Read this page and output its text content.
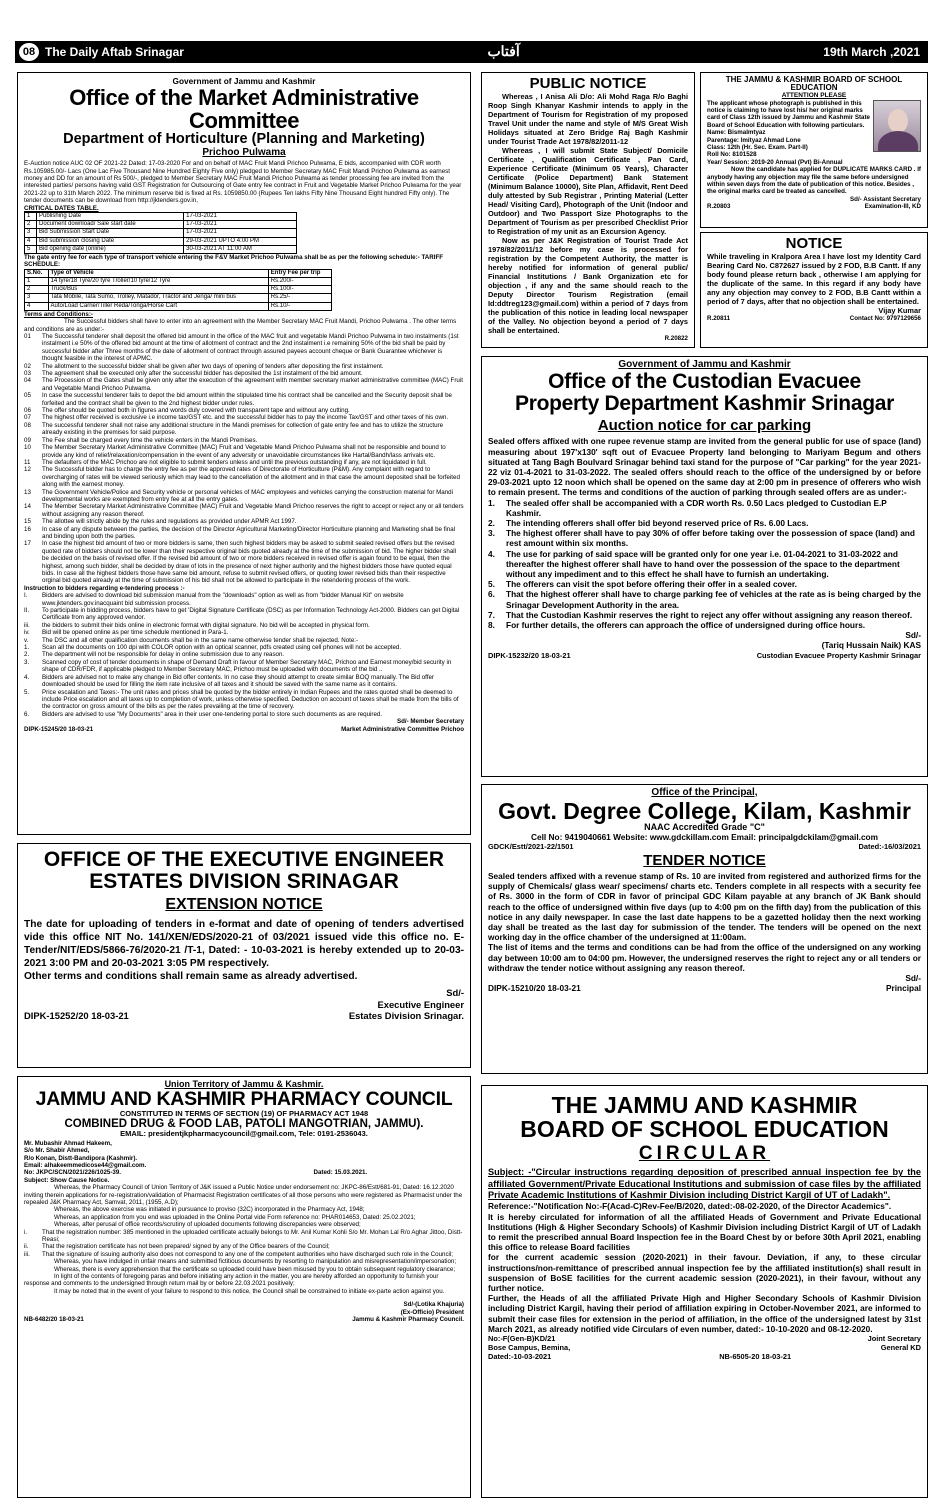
08 The Daily Aftab Srinagar	آفتاب	19th March ,2021
Government of Jammu and Kashmir
Office of the Market Administrative Committee
Department of Horticulture (Planning and Marketing)
Prichoo Pulwama
E-Auction notice AUC 02 OF 2021-22 Dated: 17-03-2020 For and on behalf of MAC Fruit Mandi Prichoo Pulwama, E bids, accompanied with CDR worth Rs.105985.00/- Lacs (One Lac Five Thousand Nine Hundred Eighty Five only) pledged to Member Secretary MAC Fruit Mandi Prichoo Pulwama as earnest money and DD for an amount of Rs 500/-, pledged to Member Secretary MAC Fruit Mandi Prichoo Pulwama as tender processing fee are invited from the interested parties/ persons having valid GST Registration for Outsourcing of Gate entry fee contract in Fruit and Vegetable Market Prichoo Pulwama for the year 2021-22 up to 31th March 2022. The minimum reserve bid is fixed at Rs. 1059850.00 (Rupees Ten lakhs Fifty Nine Thousand Eight hundred Fifty only). The tender documents can be download from http://jktenders.gov.in,
CRITICAL DATES TABLE.
1	Publishing Date	17-03-2021
2	Document download/ Sale start date	17-03-2021
3	Bid Submission Start Date	17-03-2021
4	Bid submission closing Date	29-03-2021 UPTO 4:00 PM
5	Bid opening date (online)	30-03-2021 AT 11:00 AM
The gate entry fee for each type of transport vehicle entering the F&V Market Prichoo Pulwama shall be as per the following schedule:- TARIFF SCHEDULE:
S.No.	Type of Vehicle	Entry Fee per trip
1	14 tyre/18 Tyre/20 tyre Troller/10 tyre/12 Tyre	Rs.200/-
2	Truck/Bus	Rs.100/-
3	Tata Mobile, Tata Sumo, Trolley, Matador, Tractor and Jenga/ mini bus	Rs.25/-
4	Auto/Load Carrier/Tiller Reda/Tonga/Horse Cart	Rs.10/-
Terms and Conditions:-
The Successful bidders shall have to enter into an agreement with the Member Secretary MAC Fruit Mandi, Prichoo Pulwama . The other terms and conditions are as under:-
01	The Successful tenderer shall deposit the offered bid amount in the office of the MAC fruit and vegetable Mandi Prichoo Pulwama in two instalments (1st instalment i.e 50% of the offered bid amount at the time of allotment of contract and the 2nd instalment i.e remaining 50% of the bid shall be paid by successful bidder after Three months of the date of allotment of contract through assured payees account cheque or Bank Guarantee whichever is thought feasible in the interest of APMC.
02	The allotment to the successful bidder shall be given after two days of opening of tenders after depositing the first instalment.
03	The agreement shall be executed only after the successful bidder has deposited the 1st instalment of the bid amount.
04	The Procession of the Gates shall be given only after the execution of the agreement with member secretary market administrative committee (MAC) Fruit and Vegetable Mandi Prichoo Pulwama.
05	In case the successful tenderer fails to depot the bid amount within the stipulated time his contract shall be cancelled and the Security deposit shall be forfeited and the contract shall be given to the 2nd highest bidder under rules.
06	The offer should be quoted both in figures and words duly covered with transparent tape and without any cutting.
07	The highest offer received is exclusive i.e income tax/GST etc. and the successful bidder has to pay the income Tax/GST and other taxes of his own.
08	The successful tenderer shall not raise any additional structure in the Mandi premises for collection of gate entry fee and has to utilize the structure already existing in the premises for said purpose.
09	The Fee shall be charged every time the vehicle enters in the Mandi Premises.
10	The Member Secretary Market Administrative Committee (MAC) Fruit and Vegetable Mandi Prichoo Pulwama shall not be responsible and bound to provide any kind of relief/relaxation/compensation in the event of any adversity or unavoidable circumstances like Hartal/Bandh/lass arrivals etc.
11	The defaulters of the MAC Prichoo are not eligible to submit tenders unless and until the previous outstanding if any, are not liquidated in full.
12	The Successful bidder has to charge the entry fee as per the approved rates of Directorate of Horticulture (P&M). Any complaint with regard to overcharging of rates will be viewed seriously which may lead to the cancellation of the allotment and in that case the amount deposited shall be forfeited along with the earnest money.
13	The Government Vehicle/Police and Security vehicle or personal vehicles of MAC employees and vehicles carrying the construction material for Mandi developmental works are exempted from entry fee at all the entry gates.
14	The Member Secretary Market Administrative Committee (MAC) Fruit and Vegetable Mandi Prichoo reserves the right to accept or reject any or all tenders without assigning any reason thereof.
15	The allottee will strictly abide by the rules and regulations as provided under APMR Act 1997.
16	In case of any dispute between the parties, the decision of the Director Agricultural Marketing/Director Horticulture planning and Marketing shall be final and binding upon both the parties.
17	In case the highest bid amount of two or more bidders is same, then such highest bidders may be asked to submit sealed revised offers but the revised quoted rate of bidders should not be lower than their respective original bids quoted already at the time of the submission of bid. The higher bidder shall be decided on the basis of revised offer. If the revised bid amount of two or more bidders received in revised offer is again found to be equal, then the highest, among such bidder, shall be decided by draw of lots in the presence of next higher authority and the highest bidders those have quoted equal bids. In case all the highest bidders those have same bid amount, refuse to submit revised offers, or quoting lower revised bids than their respective orginal bid quoted already at the time of submission of his bid shall not be allowed to participate in the retendering process of the work.
Instruction to bidders regarding e-tendering process :-
I.	Bidders are advised to download bid submission manual from the "downloads" option as well as from "bidder Manual Kit" on website www.jktenders.gov.inacquaint bid submission process.
II.	To participate in bidding process, bidders have to get 'Digital Signature Certificate (DSC) as per Information Technology Act-2000. Bidders can get Digital Certificate from any approved vendor.
iii.	the bidders to submit their bids online in electronic format with digital signature. No bid will be accepted in physical form.
iv.	Bid will be opened online as per time schedule mentioned in Para-1.
v.	The DSC and all other qualification documents shall be in the same name otherwise tender shall be rejected. Note:-
1.	Scan all the documents on 100 dpi with COLOR option with an optical scanner, pdfs created using cell phones will not be accepted.
2.	The department will not be responsible for delay in online submission due to any reason.
3.	Scanned copy of cost of tender documents in shape of Demand Draft in favour of Member Secretary MAC, Prichoo and Earnest money/bid security in shape of CDR/FDR, if applicable pledged to Member Secretary MAC, Prichoo must be uploaded with documents of the bid ..
4.	Bidders are advised not to make any change in Bid offer contents. In no case they should attempt to create similar BOQ manually. The Bid offer downloaded should be used for filling the item rate inclusive of all taxes and it should be saved with the same name as it contains.
5.	Price escalation and Taxes:- The unit rates and prices shall be quoted by the bidder entirely in Indian Rupees and the rates quoted shall be deemed to include Price escalation and all taxes up to completion of work, unless otherwise specified. Deduction on account of taxes shall be made from the bills of the contractor on gross amount of the bills as per the rates prevailing at the time of recovery.
6.	Bidders are advised to use "My Documents" area in their user one-tendering portal to store such documents as are required.
Sd/- Member Secretary
DIPK-15245/20 18-03-21	Market Administrative Committee Prichoo
PUBLIC NOTICE
Whereas , I Anisa Ali D/o: Ali Mohd Raga R/o Baghi Roop Singh Khanyar Kashmir intends to apply in the Department of Tourism for Registration of my proposed Travel Unit under the name and style of M/S Great Wish Holidays situated at Zero Bridge Raj Bagh Kashmir under Tourist Trade Act 1978/82/2011-12
Whereas , I will submit State Subject/ Domicile Certificate , Qualification Certificate , Pan Card, Experience Certificate (Minimum 05 Years), Character Certificate (Police Department) Bank Statement (Minimum Balance 10000), Site Plan, Affidavit, Rent Deed duly attested by Sub Registrar , Printing Material (Letter Head/ Visiting Card), Photograph of the Unit (Indoor and Outdoor) and Two Passport Size Photographs to the Department of Tourism as per prescribed Checklist Prior to Registration of my unit as an Excursion Agency.
Now as per J&K Registration of Tourist Trade Act 1978/82/2011/12 before my case is processed for registration by the Competent Authority, the matter is hereby notified for information of general public/ Financial Institutions / Bank Organization etc for objection , if any and the same should reach to the Deputy Director Tourism Registration (email Id:ddtreg123@gmail.com) within a period of 7 days from the publication of this notice in leading local newspaper of the Valley. No objection beyond a period of 7 days shall be entertained.
R.20822
THE JAMMU & KASHMIR BOARD OF SCHOOL EDUCATION
ATTENTION PLEASE
The applicant whose photograph is published in this notice is claiming to have lost his/ her original marks card of Class 12th issued by Jammu and Kashmir State Board of School Education with following particulars.
Name: Bismalmtyaz
Parentage: Imityaz Ahmad Lone
Class: 12th (Hr. Sec. Exam. Part-II)
Roll No: 8101528
Year/ Session: 2019-20 Annual (Pvt) Bi-Annual
Now the candidate has applied for DUPLICATE MARKS CARD . If anybody having any objection may file the same before undersigned within seven days from the date of publication of this notice. Besides , the original marks card be treated as cancelled.
Sd/- Assistant Secretary
R.20803	Examination-III, KD
NOTICE
While traveling in Kralpora Area I have lost my Identity Card Bearing Card No. C872627 issued by 2 FOD, B.B Cantt. If any body found please return back , otherwise I am applying for the duplicate of the same. In this regard if any body have any any objection may convey to 2 FOD, B.B Cantt within a period of 7 days, after that no objection shall be entertained.
Vijay Kumar
R.20811	Contact No: 9797129656
Government of Jammu and Kashmir
Office of the Custodian Evacuee
Property Department Kashmir Srinagar
Auction notice for car parking
Sealed offers affixed with one rupee revenue stamp are invited from the general public for use of space (land) measuring about 197'x130' sqft out of Evacuee Property land belonging to Mariyam Begum and others situated at Tang Bagh Boulvard Srinagar behind taxi stand for the purpose of "Car parking" for the year 2021-22 viz 01-4-2021 to 31-03-2022. The sealed offers should reach to the office of the undersigned by or before 29-03-2021 upto 12 noon which shall be opened on the same day at 2:00 pm in presence of offerers who wish to remain present. The terms and conditions of the auction of parking through sealed offers are as under:-
1.	The sealed offer shall be accompanied with a CDR worth Rs. 0.50 Lacs pledged to Custodian E.P Kashmir.
2.	The intending offerers shall offer bid beyond reserved price of Rs. 6.00 Lacs.
3.	The highest offerer shall have to pay 30% of offer before taking over the possession of space (land) and rest amount within six months.
4.	The use for parking of said space will be granted only for one year i.e. 01-04-2021 to 31-03-2022 and thereafter the highest offerer shall have to hand over the possession of the space to the department without any impediment and to this effect he shall have to furnish an undertaking.
5.	The offerers can visit the spot before offering their offer in a sealed cover.
6.	That the highest offerer shall have to charge parking fee of vehicles at the rate as is being charged by the Srinagar Development Authority in the area.
7.	That the Custodian Kashmir reserves the right to reject any offer without assigning any reason thereof.
8.	For further details, the offerers can approach the office of undersigned during office hours.
Sd/-
(Tariq Hussain Naik) KAS
DIPK-15232/20 18-03-21	Custodian Evacuee Property Kashmir Srinagar
Office of the Principal,
Govt. Degree College, Kilam, Kashmir
NAAC Accredited Grade "C"
Cell No: 9419040661 Website: www.gdckillam.com Email: principalgdckilam@gmail.com
GDCK/Estt/2021-22/1501	Dated:-16/03/2021
TENDER NOTICE
Sealed tenders affixed with a revenue stamp of Rs. 10 are invited from registered and authorized firms for the supply of Chemicals/ glass wear/ specimens/ charts etc. Tenders complete in all respects with a security fee of Rs. 3000 in the form of CDR in favor of principal GDC Kilam payable at any branch of JK Bank should reach to the office of undersigned within five days (up to 4:00 pm on the fifth day) from the publication of this notice in any daily newspaper. In case the last date happens to be a gazetted holiday then the next working day shall be treated as the last day for submission of the tender. The tenders will be opened on the next working day in the office chamber of the undersigned at 11:00am.
The list of items and the terms and conditions can be had from the office of the undersigned on any working day between 10:00 am to 04:00 pm. However, the undersigned reserves the right to reject any or all tenders or withdraw the tender notice without assigning any reason thereof.
Sd/-
DIPK-15210/20 18-03-21	Principal
OFFICE OF THE EXECUTIVE ENGINEER
ESTATES DIVISION SRINAGAR
EXTENSION NOTICE
The date for uploading of tenders in e-format and date of opening of tenders advertised vide this office NIT No. 141/XEN/EDS/2020-21 of 03/2021 issued vide this office no. E-Tender/NIT/EDS/5866-76/2020-21 /T-1, Dated: - 10-03-2021 is hereby extended up to 20-03-2021 3:00 PM and 20-03-2021 3:05 PM respectively.
Other terms and conditions shall remain same as already advertised.
Sd/-
Executive Engineer
DIPK-15252/20 18-03-21	Estates Division Srinagar.
Union Territory of Jammu & Kashmir.
JAMMU AND KASHMIR PHARMACY COUNCIL
CONSTITUTED IN TERMS OF SECTION (19) OF PHARMACY ACT 1948
COMBINED DRUG & FOOD LAB, PATOLI MANGOTRIAN, JAMMU).
EMAIL: presidentjkpharmacycouncil@gmail.com, Tele: 0191-2536043.
Mr. Mubashir Ahmad Hakeem,
S/o Mr. Shabir Ahmed,
R/o Konan, Distt-Bandipora (Kashmir).
Email: alhakeemmedicose44@gmail.com.
No: JKPC/SCN/2021/226/1025-39.	Dated: 15.03.2021.
Subject: Show Cause Notice.
Whereas, the Pharmacy Council of Union Territory of J&K issued a Public Notice under endorsement no: JKPC-86/Estt/681-91, Dated: 16.12.2020 inviting therein applications for re-registration/validation of Pharmacist Registration certificates of all those persons who were registered as Pharmacist under the repealed J&K Pharmacy Act, Samvat, 2011, (1955, A.D);
Whereas, the above exercise was initiated in pursuance to proviso (32C) incorporated in the Pharmacy Act, 1948;
Whereas, an application from you end was uploaded in the Online Portal vide Form reference no: PHAR014653, Dated: 25.02.2021;
Whereas, after perusal of office records/scrutiny of uploaded documents following discrepancies were observed;
i.	That the registration number: 385 mentioned in the uploaded certificate actually belongs to Mr. Anil Kumar Kohli S/o Mr. Mohan Lal R/o Aghar Jittoo, Distt-Reasi;
ii.	That the registration certificate has not been prepared/ signed by any of the Office bearers of the Council;
iii.	That the signature of issuing authority also does not correspond to any one of the competent authorities who have discharged such role in the Council;
Whereas, you have indulged in unfair means and submitted fictitious documents by resorting to manipulation and misrepresentation/impersonation;
Whereas, there is every apprehension that the certificate so uploaded could have been misused by you to obtain subsequent regulatory clearance;
In light of the contents of foregoing paras and before initiating any action in the matter, you are hereby afforded an opportunity to furnish your response and comments to the undersigned through return mail by or before 22.03.2021 positively;
It may be noted that in the event of your failure to respond to this notice, the Council shall be constrained to initiate ex-parte action against you.
Sd/-(Lotika Khajuria)
(Ex-Officio) President
NB-6482/20 18-03-21	Jammu & Kashmir Pharmacy Council.
THE JAMMU AND KASHMIR
BOARD OF SCHOOL EDUCATION
CIRCULAR
Subject: -"Circular instructions regarding deposition of prescribed annual inspection fee by the affiliated Government/Private Educational Institutions and submission of case files by the affiliated Private Academic Institutions of Kashmir Division including District Kargil of UT of Ladakh".
Reference:-"Notification No:-F(Acad-C)Rev-Fee/B/2020, dated:-08-02-2020, of the Director Academics".
It is hereby circulated for information of all the affiliated Heads of Government and Private Educational Institutions (High & Higher Secondary Schools) of Kashmir Division including District Kargil of UT of Ladakh to remit the prescribed annual Board Inspection fee in the Board Chest by or before 30th April 2021, enabling this office to release Board facilities
for the current academic session (2020-2021) in their favour. Deviation, if any, to these circular instructions/non-remittance of prescribed annual inspection fee by the affiliated institution(s) shall result in suspension of BoSE facilities for the current academic session (2020-2021), in their favour, without any further notice.
Further, the Heads of all the affiliated Private High and Higher Secondary Schools of Kashmir Division including District Kargil, having their period of affiliation expiring in October-November 2021, are informed to submit their case files for extension in the period of affiliation, in the office of the undersigned latest by 31st March 2021, as already notified vide Circulars of even number, dated:- 10-10-2020 and 08-12-2020.
No:-F(Gen-B)KD/21	Joint Secretary
Bose Campus, Bemina,	General KD
Dated:-10-03-2021	NB-6505-20 18-03-21
